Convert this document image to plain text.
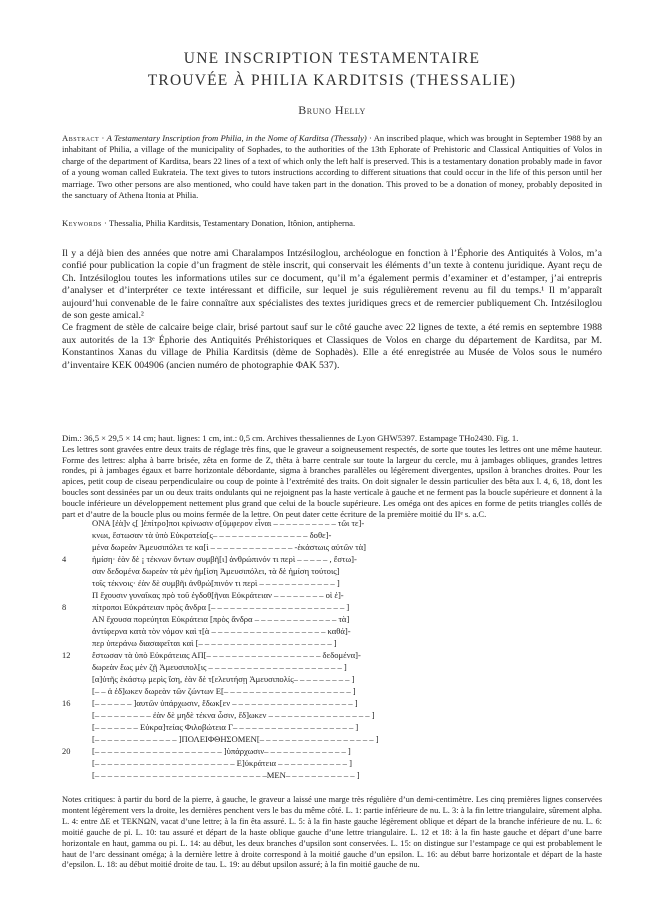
UNE INSCRIPTION TESTAMENTAIRE
TROUVÉE À PHILIA KARDITSIS (THESSALIE)
Bruno Helly
Abstract · A Testamentary Inscription from Philia, in the Nome of Karditsa (Thessaly) · An inscribed plaque, which was brought in September 1988 by an inhabitant of Philia, a village of the municipality of Sophades, to the authorities of the 13th Ephorate of Prehistoric and Classical Antiquities of Volos in charge of the department of Karditsa, bears 22 lines of a text of which only the left half is preserved. This is a testamentary donation probably made in favor of a young woman called Eukrateia. The text gives to tutors instructions according to different situations that could occur in the life of this person until her marriage. Two other persons are also mentioned, who could have taken part in the donation. This proved to be a donation of money, probably deposited in the sanctuary of Athena Itonia at Philia.
Keywords · Thessalia, Philia Karditsis, Testamentary Donation, Itônion, antipherna.

Il y a déjà bien des années que notre ami Charalampos Intzésiloglou, archéologue en fonction à l’Éphorie des Antiquités à Volos, m’a confié pour publication la copie d’un fragment de stèle inscrit, qui conservait les éléments d’un texte à contenu juridique. Ayant reçu de Ch. Intzésiloglou toutes les informations utiles sur ce document, qu’il m’a également permis d’examiner et d’estamper, j’ai entrepris d’analyser et d’interpréter ce texte intéressant et difficile, sur lequel je suis régulièrement revenu au fil du temps.¹ Il m’apparaît aujourd’hui convenable de le faire connaître aux spécialistes des textes juridiques grecs et de remercier publiquement Ch. Intzésiloglou de son geste amical.²

Ce fragment de stèle de calcaire beige clair, brisé partout sauf sur le côté gauche avec 22 lignes de texte, a été remis en septembre 1988 aux autorités de la 13ᵉ Éphorie des Antiquités Préhistoriques et Classiques de Volos en charge du département de Karditsa, par M. Konstantinos Xanas du village de Philia Karditsis (dème de Sophadès). Elle a été enregistrée au Musée de Volos sous le numéro d’inventaire KEK 004906 (ancien numéro de photographie ΦΑΚ 537).

Dim.: 36,5 × 29,5 × 14 cm; haut. lignes: 1 cm, int.: 0,5 cm. Archives thessaliennes de Lyon GHW5397. Estampage THo2430. Fig. 1.

Les lettres sont gravées entre deux traits de réglage très fins, que le graveur a soigneusement respectés, de sorte que toutes les lettres ont une même hauteur. Forme des lettres: alpha à barre brisée, zêta en forme de Z, thêta à barre centrale sur toute la largeur du cercle, mu à jambages obliques, grandes lettres rondes, pi à jambages égaux et barre horizontale débordante, sigma à branches parallèles ou légèrement divergentes, upsilon à branches droites. Pour les apices, petit coup de ciseau perpendiculaire ou coup de pointe à l’extrémité des traits. On doit signaler le dessin particulier des bêta aux l. 4, 6, 18, dont les boucles sont dessinées par un ou deux traits ondulants qui ne rejoignent pas la haste verticale à gauche et ne ferment pas la boucle supérieure et donnent à la boucle inférieure un développement nettement plus grand que celui de la boucle supérieure. Les oméga ont des apices en forme de petits triangles collés de part et d’autre de la boucle plus ou moins fermée de la lettre. On peut dater cette écriture de la première moitié du IIᵉ s. a.C.

ΟΝΑ [ἐὰ]ν ς[ ]ἐπίτρο]ποι κρίνωσιν σ[ύμφερον εἶναι – – – – – – – – – – τῶι τε]-
κνωι, ἔστωσαν τὰ ὑπὸ Εὐκρατεία[ς– – – – – – – – – – – – – – – δοθε]-
μένα δωρεὰν Ἀμευσιπόλει τε κα[ὶ – – – – – – – – – – – – – -ἑκάστωις αὐτῶν τὰ]
4	ἡμίση· ἐὰν δὲ ¡ τέκνων ὄντων συμβῆ[ι] ἀνθρώπινόν τι περὶ – – – – – , ἔστω]-
σαν δεδομένα δωρεὰν τὰ μὲν ἡμ[ίση Ἀμευσιπόλει, τὰ δὲ ἡμίση τούτοις]
τοῖς τέκνοις· ἐὰν δὲ συμβῆι ἀνθρώ[πινόν τι περὶ – – – – – – – – – – – – ]
Π ἔχουσιν γυναῖκας πρὸ τοῦ ἐγδοθ[ῆναι Εὐκράτειαν – – – – – – – – οἱ ἐ]-
8	πίτροποι Εὐκράτειαν πρὸς ἄνδρα [– – – – – – – – – – – – – – – – – – – – – ]
ΑΝ ἔχουσα πορεύηται Εὐκράτεια [πρὸς ἄνδρα – – – – – – – – – – – – – τὰ]
ἀντίφερνα κατὰ τὸν νόμον καὶ τ[ὰ – – – – – – – – – – – – – – – – – – καθά]-
περ ὑπεράνω διασαφεῖται καὶ [– – – – – – – – – – – – – – – – – – – – – ]
12	ἔστωσαν τὰ ὑπὸ Εὐκράτειας ΑΠ[– – – – – – – – – – – – – – – – – – δεδομένα]-
δωρεὰν ἕως μὲν ζῇ Ἀμευσιπολ[ις – – – – – – – – – – – – – – – – – – – – – ]
[α]ὐτῆς ἑκάστῳ μερὶς ἴση, ἐὰν δὲ τ[ελευτήσῃ Ἀμευσιπολίς– – – – – – – – – ]
[– – ἀ ἐδ]ωκεν δωρεὰν τῶν ζώντων Ε[– – – – – – – – – – – – – – – – – – – – ]
16	[– – – – – – ]αυτῶν ὑπάρχωσιν, ἔδωκ[εν – – – – – – – – – – – – – – – – – – – ]
[– – – – – – – – – ἐὰν δὲ μηδὲ τέκνα ὦσιν, ἔδ]ωκεν – – – – – – – – – – – – – – – – ]
[– – – – – – – Εὐκρα]τείας Φιλοβώτεια Γ– – – – – – – – – – – – – – – – – – – ]
[– – – – – – – – – – – – – ]ΠΟΛΕΙΦΘΗΣΟΜΕΝ[– – – – – – – – – – – – – – – – – – ]
20	[– – – – – – – – – – – – – – – – – – – – ]ὑπάρχωσιν– – – – – – – – – – – – – ]
[– – – – – – – – – – – – – – – – – – – – – – Ε]ὐκράτεια – – – – – – – – – – – ]
[– – – – – – – – – – – – – – – – – – – – – – – – – – –ΜΕΝ– – – – – – – – – – – ]
Notes critiques: à partir du bord de la pierre, à gauche, le graveur a laissé une marge très régulière d’un demi-centimètre. Les cinq premières lignes conservées montent légèrement vers la droite, les dernières penchent vers le bas du même côté. L. 1: partie inférieure de nu. L. 3: à la fin lettre triangulaire, sûrement alpha. L. 4: entre ΔΕ et ΤΕΚΝΩΝ, vacat d’une lettre; à la fin êta assuré. L. 5: à la fin haste gauche légèrement oblique et départ de la branche inférieure de nu. L. 6: moitié gauche de pi. L. 10: tau assuré et départ de la haste oblique gauche d’une lettre triangulaire. L. 12 et 18: à la fin haste gauche et départ d’une barre horizontale en haut, gamma ou pi. L. 14: au début, les deux branches d’upsilon sont conservées. L. 15: on distingue sur l’estampage ce qui est probablement le haut de l’arc dessinant oméga; à la dernière lettre à droite correspond à la moitié gauche d’un epsilon. L. 16: au début barre horizontale et départ de la haste d’epsilon. L. 18: au début moitié droite de tau. L. 19: au début upsilon assuré; à la fin moitié gauche de nu.
